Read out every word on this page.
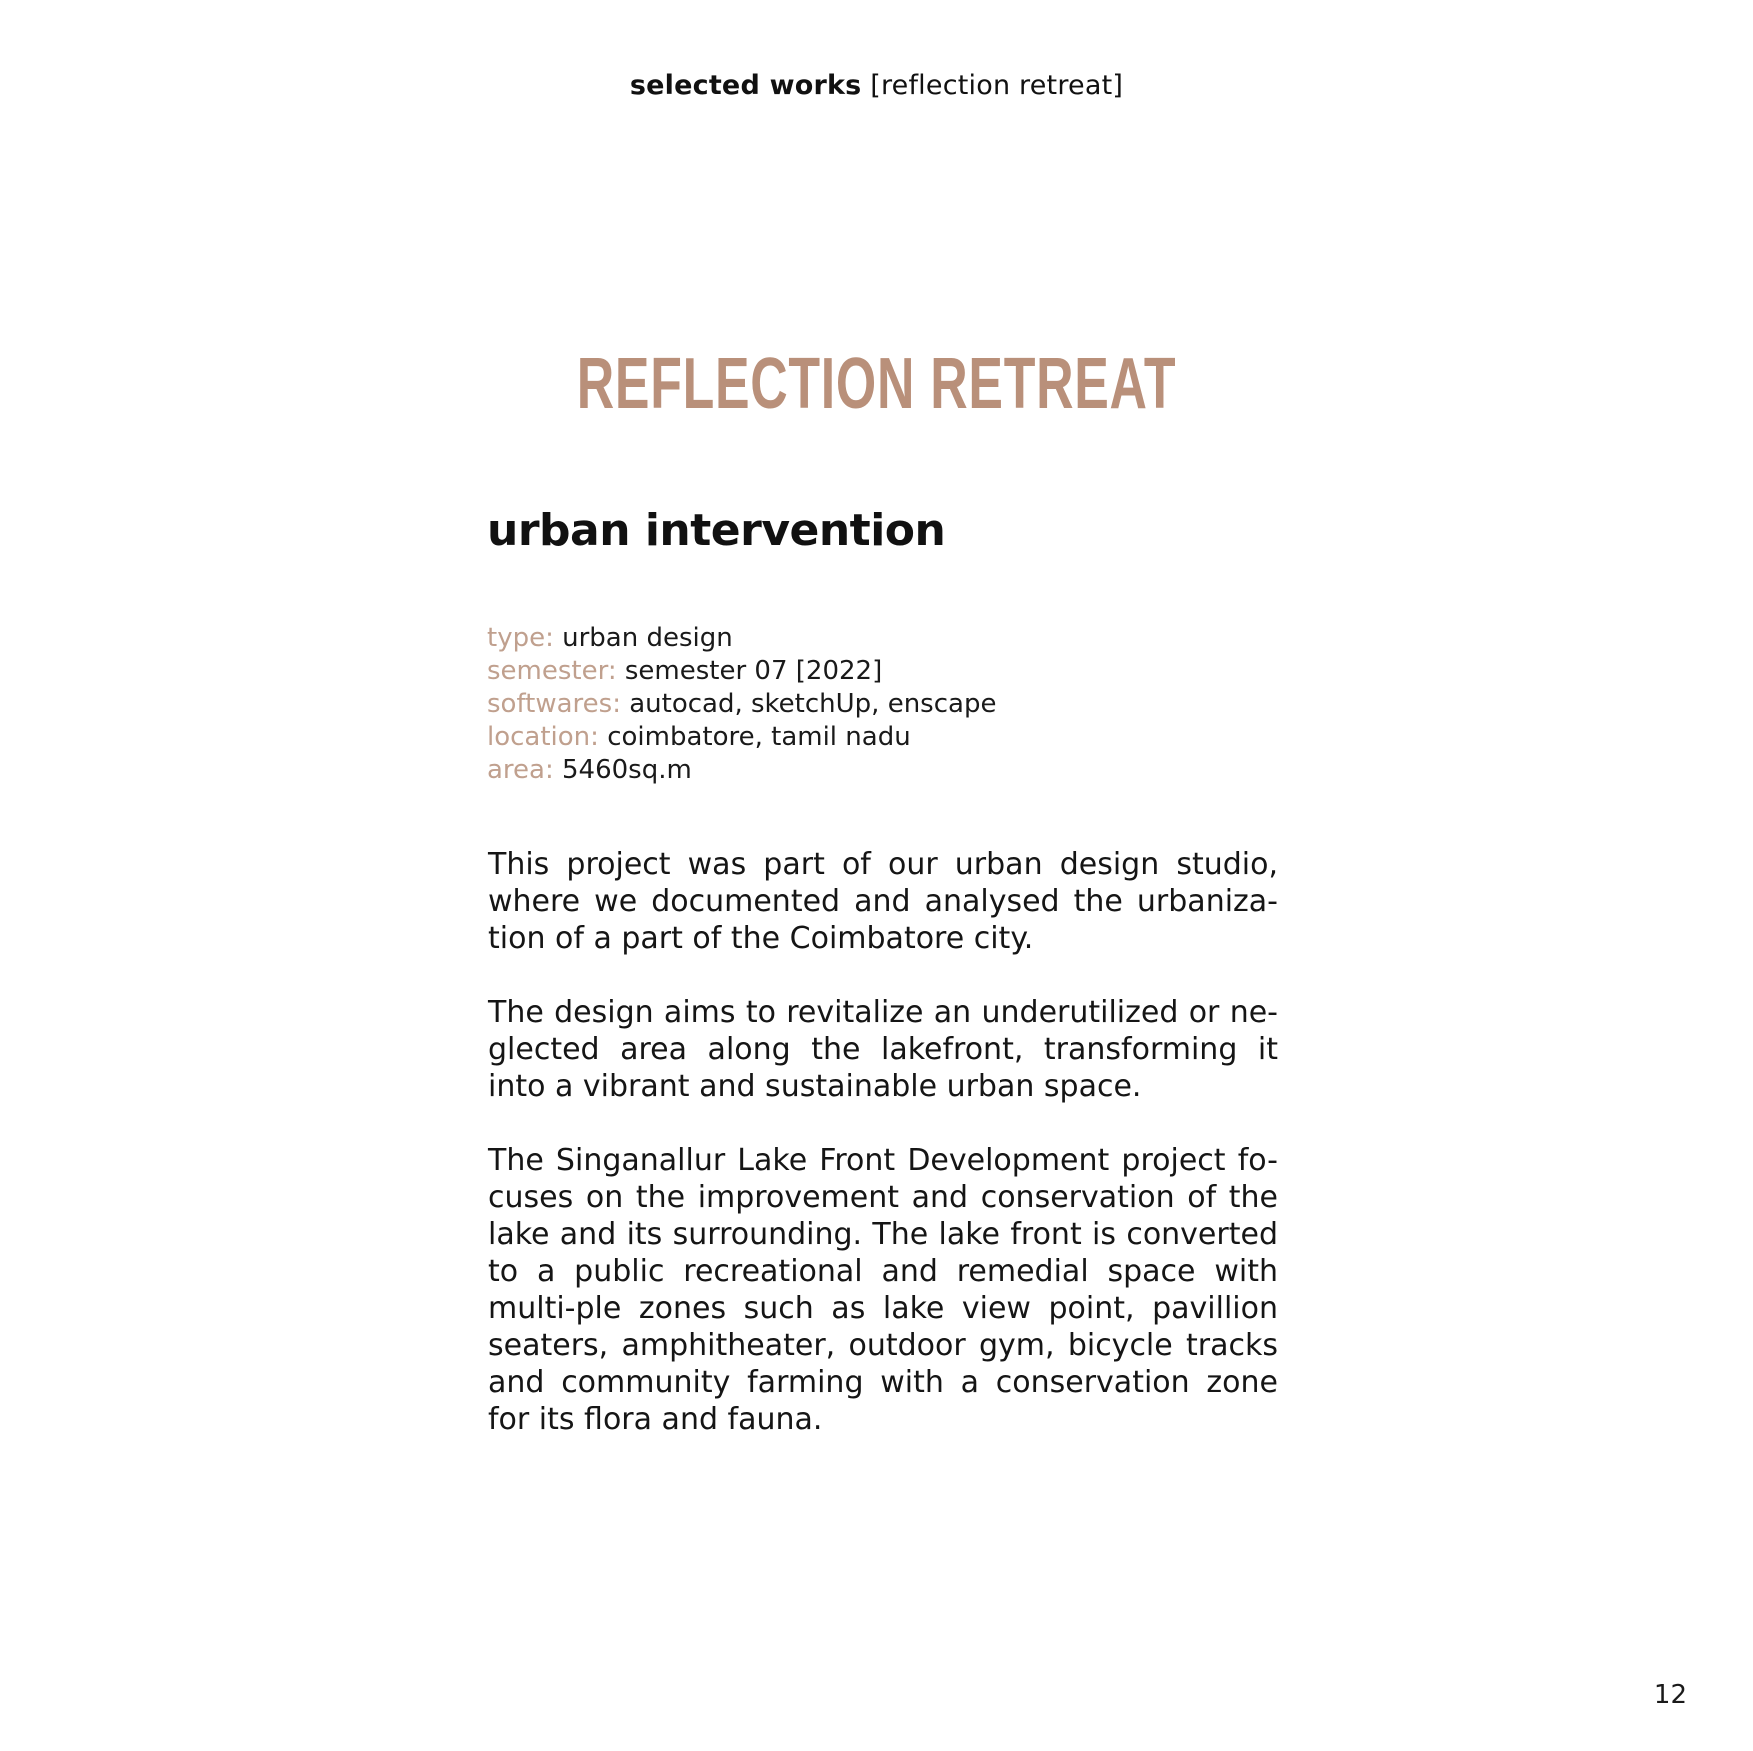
selected works [reflection retreat]
REFLECTION RETREAT
urban intervention
type: urban design
semester: semester 07 [2022]
softwares: autocad, sketchUp, enscape
location: coimbatore, tamil nadu
area: 5460sq.m

This project was part of our urban design studio, where we documented and analysed the urbaniza-tion of a part of the Coimbatore city.

The design aims to revitalize an underutilized or ne-glected area along the lakefront, transforming it into a vibrant and sustainable urban space.

The Singanallur Lake Front Development project fo-cuses on the improvement and conservation of the lake and its surrounding. The lake front is converted to a public recreational and remedial space with multi-ple zones such as lake view point, pavillion seaters, amphitheater, outdoor gym, bicycle tracks and community farming with a conservation zone for its flora and fauna.

12
